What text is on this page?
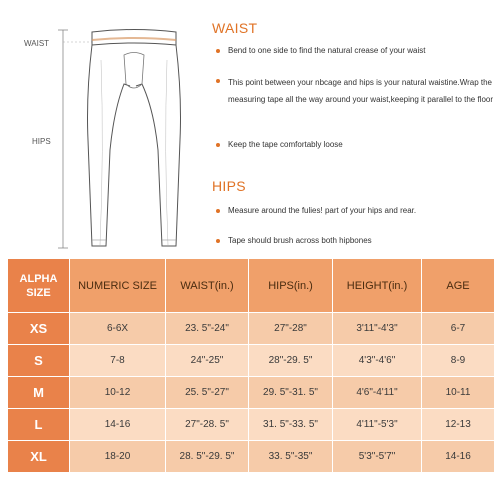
WAIST
HIPS
WAIST
Bend to one side to find the natural crease of your waist
This point between your nbcage and hips is your natural waistine.Wrap the measuring tape all the way around your waist,keeping it parallel to the floor
Keep the tape comfortably loose
HIPS
Measure around the fulies! part of your hips and rear.
Tape should brush across both hipbones
ALPHA SIZE	NUMERIC SIZE	WAIST(in.)	HIPS(in.)	HEIGHT(in.)	AGE
XS	6-6X	23. 5"-24"	27"-28"	3'11"-4'3"	6-7
S	7-8	24"-25"	28"-29. 5"	4'3"-4'6"	8-9
M	10-12	25. 5"-27"	29. 5"-31. 5"	4'6"-4'11"	10-11
L	14-16	27"-28. 5"	31. 5"-33. 5"	4'11"-5'3"	12-13
XL	18-20	28. 5"-29. 5"	33. 5"-35"	5'3"-5'7"	14-16
